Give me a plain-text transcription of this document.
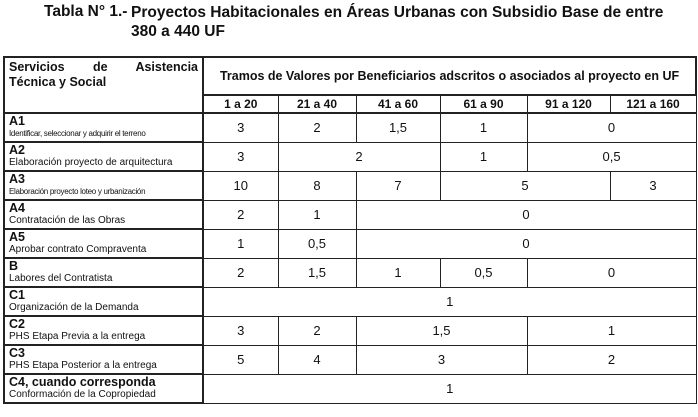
Tabla N° 1.- Proyectos Habitacionales en Áreas Urbanas con Subsidio Base de entre 380 a 440 UF
Servicios de Asistencia Técnica y Social	Tramos de Valores por Beneficiarios adscritos o asociados al proyecto en UF					
	1 a 20	21 a 40	41 a 60	61 a 90	91 a 120	121 a 160

A1
Identificar, seleccionar y adquirir el terreno	3	2	1,5	1	0	

A2
Elaboración proyecto de arquitectura	3	2		1	0,5	

A3
Elaboración proyecto loteo y urbanización	10	8	7	5		3

A4
Contratación de las Obras	2	1	0			

A5
Aprobar contrato Compraventa	1	0,5	0			

B
Labores del Contratista	2	1,5	1	0,5	0	

C1
Organización de la Demanda	1					

C2
PHS Etapa Previa a la entrega	3	2	1,5		1	

C3
PHS Etapa Posterior a la entrega	5	4	3		2	

C4, cuando corresponda
Conformación de la Copropiedad	1					
